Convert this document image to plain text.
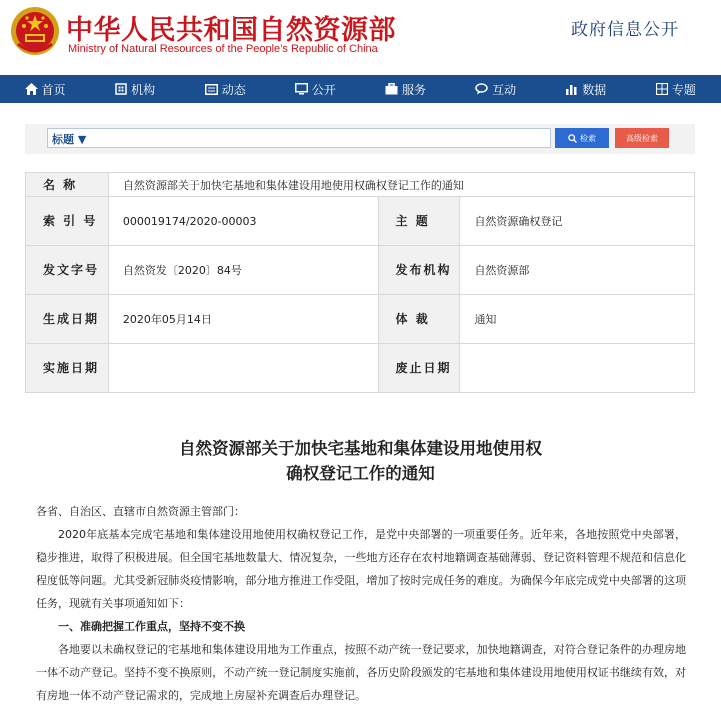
中华人民共和国自然资源部
Ministry of Natural Resources of the People’s Republic of China
政府信息公开
首页	机构	动态	公开	服务	互动	数据	专题
标题 ▼	检索	高级检索
名 称	自然资源部关于加快宅基地和集体建设用地使用权确权登记工作的通知		
索 引 号	000019174/2020-00003	主 题	自然资源确权登记
发文字号	自然资发〔2020〕84号	发布机构	自然资源部
生成日期	2020年05月14日	体 裁	通知
实施日期		废止日期	
自然资源部关于加快宅基地和集体建设用地使用权
确权登记工作的通知

各省、自治区、直辖市自然资源主管部门：

2020年底基本完成宅基地和集体建设用地使用权确权登记工作，是党中央部署的一项重要任务。近年来，各地按照党中央部署，稳步推进，取得了积极进展。但全国宅基地数量大、情况复杂，一些地方还存在农村地籍调查基础薄弱、登记资料管理不规范和信息化程度低等问题。尤其受新冠肺炎疫情影响，部分地方推进工作受阻，增加了按时完成任务的难度。为确保今年底完成党中央部署的这项任务，现就有关事项通知如下：

一、准确把握工作重点，坚持不变不换

各地要以未确权登记的宅基地和集体建设用地为工作重点，按照不动产统一登记要求，加快地籍调查，对符合登记条件的办理房地一体不动产登记。坚持不变不换原则，不动产统一登记制度实施前，各历史阶段颁发的宅基地和集体建设用地使用权证书继续有效，对有房地一体不动产登记需求的，完成地上房屋补充调查后办理登记。
